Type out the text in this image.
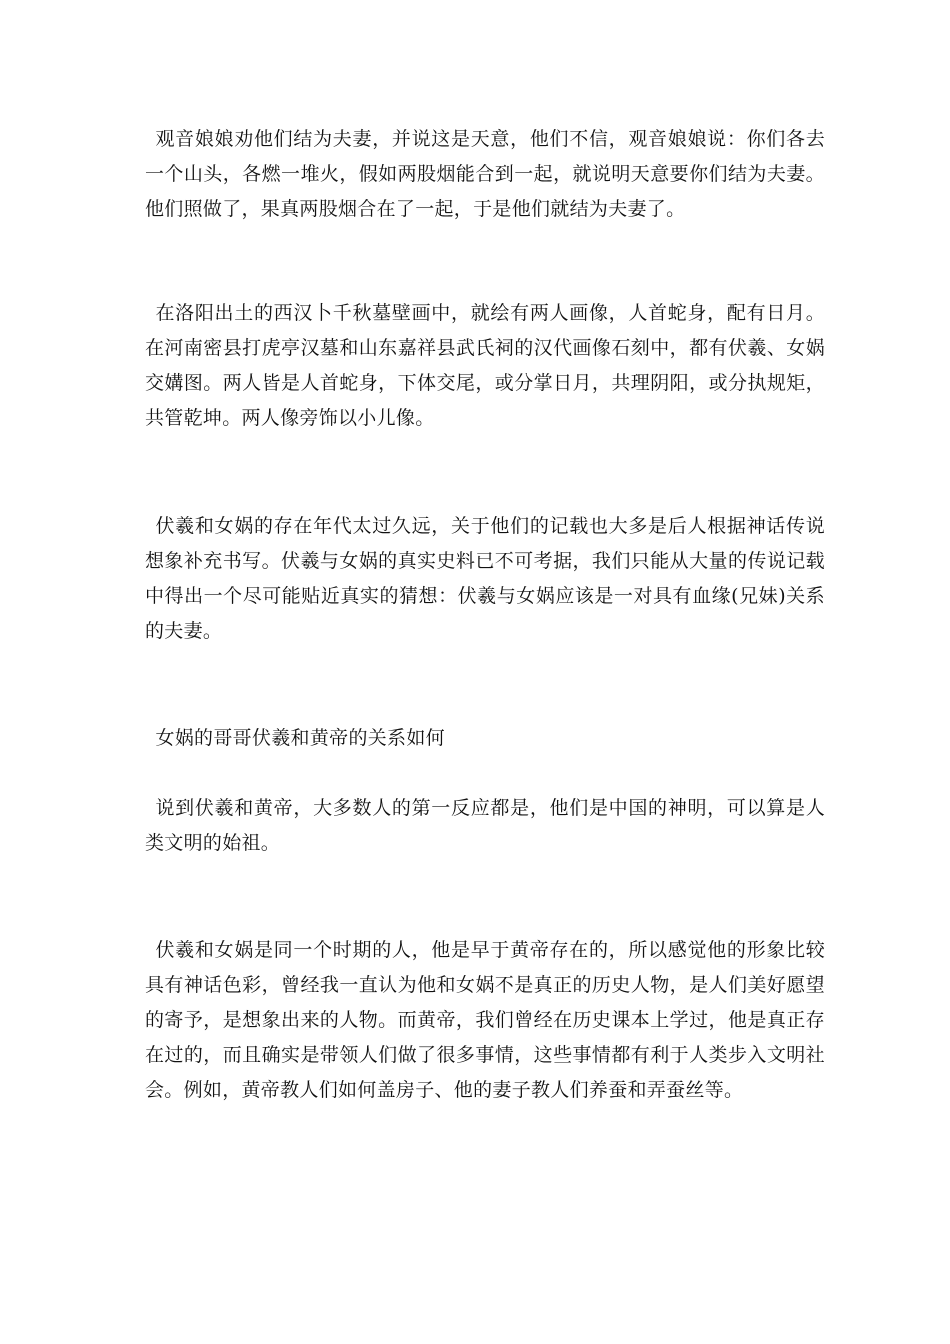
观音娘娘劝他们结为夫妻，并说这是天意，他们不信，观音娘娘说：你们各去一个山头，各燃一堆火，假如两股烟能合到一起，就说明天意要你们结为夫妻。他们照做了，果真两股烟合在了一起，于是他们就结为夫妻了。

在洛阳出土的西汉卜千秋墓壁画中，就绘有两人画像，人首蛇身，配有日月。在河南密县打虎亭汉墓和山东嘉祥县武氏祠的汉代画像石刻中，都有伏羲、女娲交媾图。两人皆是人首蛇身，下体交尾，或分掌日月，共理阴阳，或分执规矩，共管乾坤。两人像旁饰以小儿像。

伏羲和女娲的存在年代太过久远，关于他们的记载也大多是后人根据神话传说想象补充书写。伏羲与女娲的真实史料已不可考据，我们只能从大量的传说记载中得出一个尽可能贴近真实的猜想：伏羲与女娲应该是一对具有血缘(兄妹)关系的夫妻。

女娲的哥哥伏羲和黄帝的关系如何

说到伏羲和黄帝，大多数人的第一反应都是，他们是中国的神明，可以算是人类文明的始祖。

伏羲和女娲是同一个时期的人，他是早于黄帝存在的，所以感觉他的形象比较具有神话色彩，曾经我一直认为他和女娲不是真正的历史人物，是人们美好愿望的寄予，是想象出来的人物。而黄帝，我们曾经在历史课本上学过，他是真正存在过的，而且确实是带领人们做了很多事情，这些事情都有利于人类步入文明社会。例如，黄帝教人们如何盖房子、他的妻子教人们养蚕和弄蚕丝等。
